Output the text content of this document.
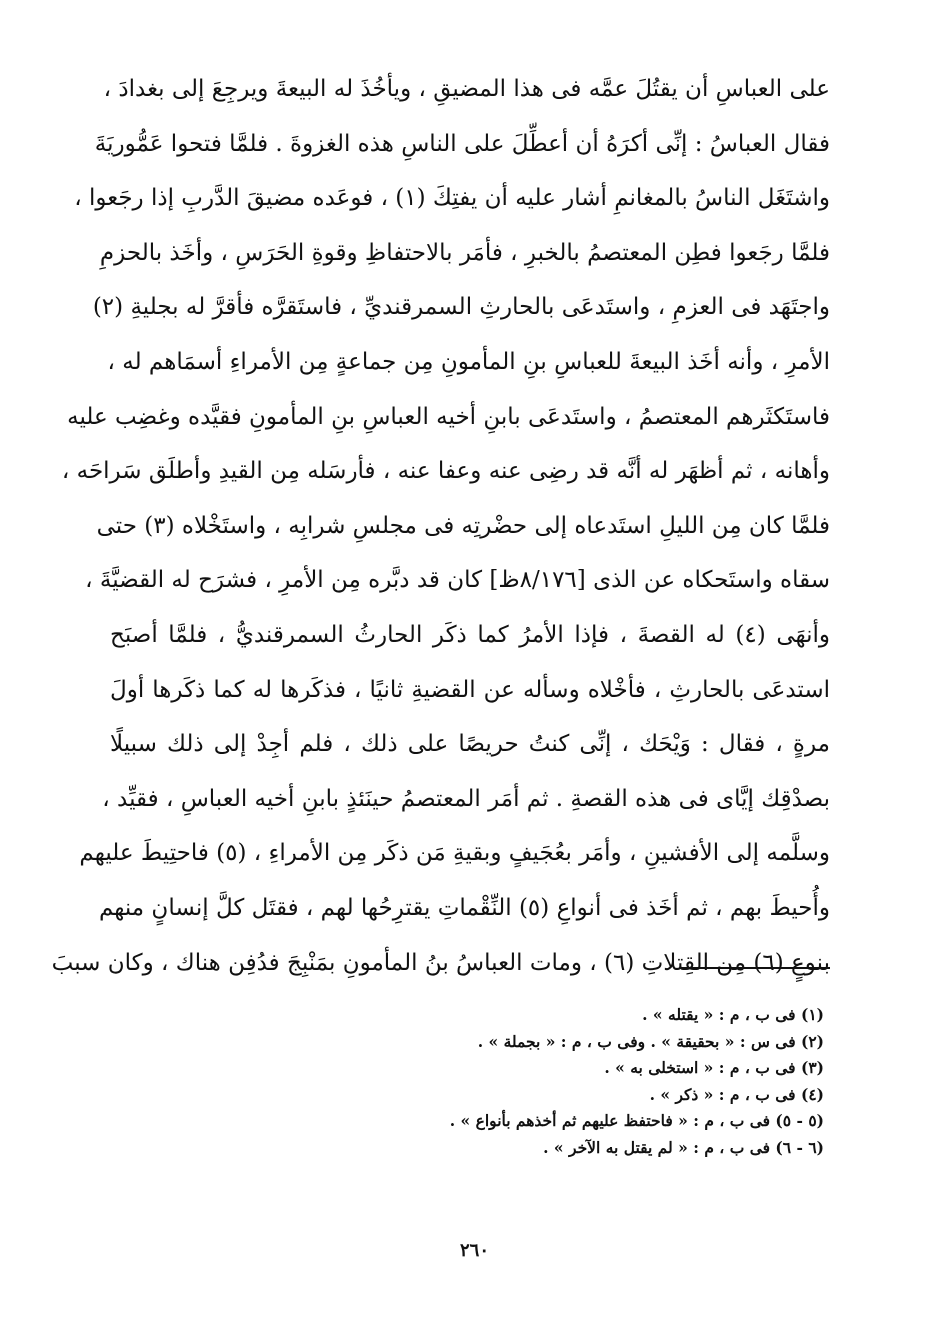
على العباسِ أن يقتُلَ عمَّه فى هذا المضيقِ ، ويأخُذَ له البيعةَ ويرجِعَ إلى بغدادَ ،
فقال العباسُ : إنِّى أكرَهُ أن أعطِّلَ على الناسِ هذه الغزوةَ . فلمَّا فتحوا عَمُّوريَةَ
واشتَغَل الناسُ بالمغانمِ أشار عليه أن يفتِكَ (١) ، فوعَده مضيقَ الدَّربِ إذا رجَعوا ،
فلمَّا رجَعوا فطِن المعتصمُ بالخبرِ ، فأمَر بالاحتفاظِ وقوةِ الحَرَسِ ، وأخَذ بالحزمِ
واجتَهَد فى العزمِ ، واستَدعَى بالحارثِ السمرقنديِّ ، فاستَقرَّه فأقرَّ له بجليةِ (٢)
الأمرِ ، وأنه أخَذ البيعةَ للعباسِ بنِ المأمونِ مِن جماعةٍ مِن الأمراءِ أسمَاهم له ،
فاستَكثَرهم المعتصمُ ، واستَدعَى بابنِ أخيه العباسِ بنِ المأمونِ فقيَّده وغضِب عليه
وأهانه ، ثم أظهَر له أنَّه قد رضِى عنه وعفا عنه ، فأرسَله مِن القيدِ وأطلَق سَراحَه ،
فلمَّا كان مِن الليلِ استَدعاه إلى حضْرتِه فى مجلسِ شرابِه ، واستَخْلاه (٣) حتى
سقاه واستَحكاه عن الذى [٨/١٧٦ظ] كان قد دبَّره مِن الأمرِ ، فشرَح له القضيَّةَ ،
وأنهَى (٤) له القصةَ ، فإذا الأمرُ كما ذكَر الحارثُ السمرقنديُّ ، فلمَّا أصبَح
استدعَى بالحارثِ ، فأخْلاه وسأله عن القضيةِ ثانيًا ، فذكَرها له كما ذكَرها أولَ
مرةٍ ، فقال : وَيْحَك ، إنِّى كنتُ حريصًا على ذلك ، فلم أجِدْ إلى ذلك سبيلًا
بصدْقِك إيَّاى فى هذه القصةِ . ثم أمَر المعتصمُ حينَئذٍ بابنِ أخيه العباسِ ، فقيِّد ،
وسلَّمه إلى الأفشينِ ، وأمَر بعُجَيفٍ وبقيةِ مَن ذكَر مِن الأمراءِ ، (٥) فاحتِيطَ عليهم
وأُحيطَ بهم ، ثم أخَذ فى أنواعِ (٥) النِّقْماتِ يقترِحُها لهم ، فقتَل كلَّ إنسانٍ منهم
بنوعٍ (٦) مِن القِتلاتِ (٦) ، ومات العباسُ بنُ المأمونِ بمَنْبِجَ فدُفِن هناك ، وكان سببَ
(١) فى ب ، م : « يقتله » .
(٢) فى س : « بحقيقة » . وفى ب ، م : « بجملة » .
(٣) فى ب ، م : « استخلى به » .
(٤) فى ب ، م : « ذكر » .
(٥ - ٥) فى ب ، م : « فاحتفظ عليهم ثم أخذهم بأنواع » .
(٦ - ٦) فى ب ، م : « لم يقتل به الآخر » .
٢٦٠
